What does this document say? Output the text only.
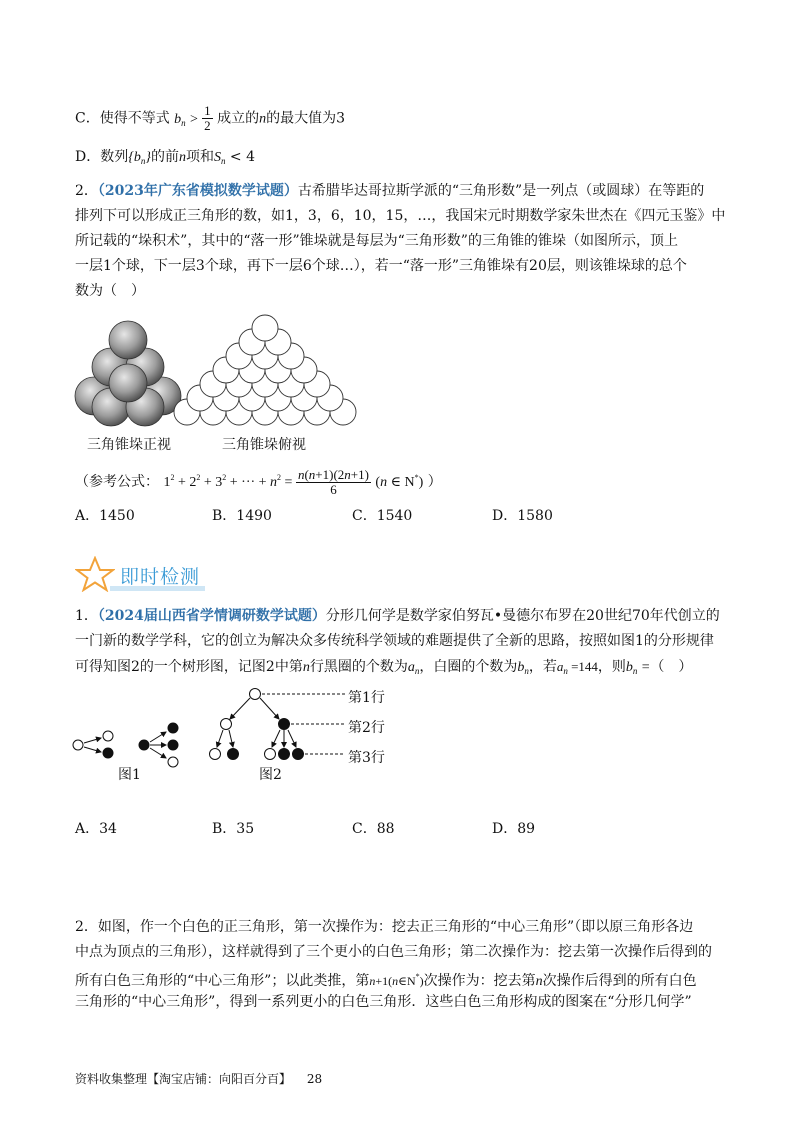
C．使得不等式 $b_n > \frac{1}{2}$ 成立的n的最大值为3
D．数列$\{b_n\}$的前n项和$S_n < 4$
2．（2023年广东省模拟数学试题）古希腊毕达哥拉斯学派的“三角形数”是一列点（或圆球）在等距的
排列下可以形成正三角形的数，如1，3，6，10，15，…，我国宋元时期数学家朱世杰在《四元玉鉴》中
所记载的“垛积术”，其中的“落一形”锥垛就是每层为“三角形数”的三角锥的锥垛（如图所示，顶上
一层1个球，下一层3个球，再下一层6个球…），若一“落一形”三角锥垛有20层，则该锥垛球的总个
数为（　）
三角锥垛正视	三角锥垛俯视
（参考公式： $1^2 + 2^2 + 3^2$ + ··· + $n^2 = \frac{n(n+1)(2n+1)}{6} (n$ ∈ N*) ）
A．1450	B．1490	C．1540	D．1580
即时检测
1．（2024届山西省学情调研数学试题）分形几何学是数学家伯努瓦•曼德尔布罗在20世纪70年代创立的
一门新的数学学科，它的创立为解决众多传统科学领域的难题提供了全新的思路，按照如图1的分形规律
可得知图2的一个树形图，记图2中第n行黑圈的个数为$a_n$，白圈的个数为$b_n$，若$a_n =144$，则$b_n$ =（　）
第1行
第2行
第3行
图1	图2
A．34	B．35	C．88	D．89
2．如图，作一个白色的正三角形，第一次操作为：挖去正三角形的“中心三角形”（即以原三角形各边
中点为顶点的三角形），这样就得到了三个更小的白色三角形；第二次操作为：挖去第一次操作后得到的
所有白色三角形的“中心三角形”；以此类推，第n+1(n∈N*)次操作为：挖去第n次操作后得到的所有白色
三角形的“中心三角形”，得到一系列更小的白色三角形．这些白色三角形构成的图案在“分形几何学”
资料收集整理【淘宝店铺：向阳百分百】 28
